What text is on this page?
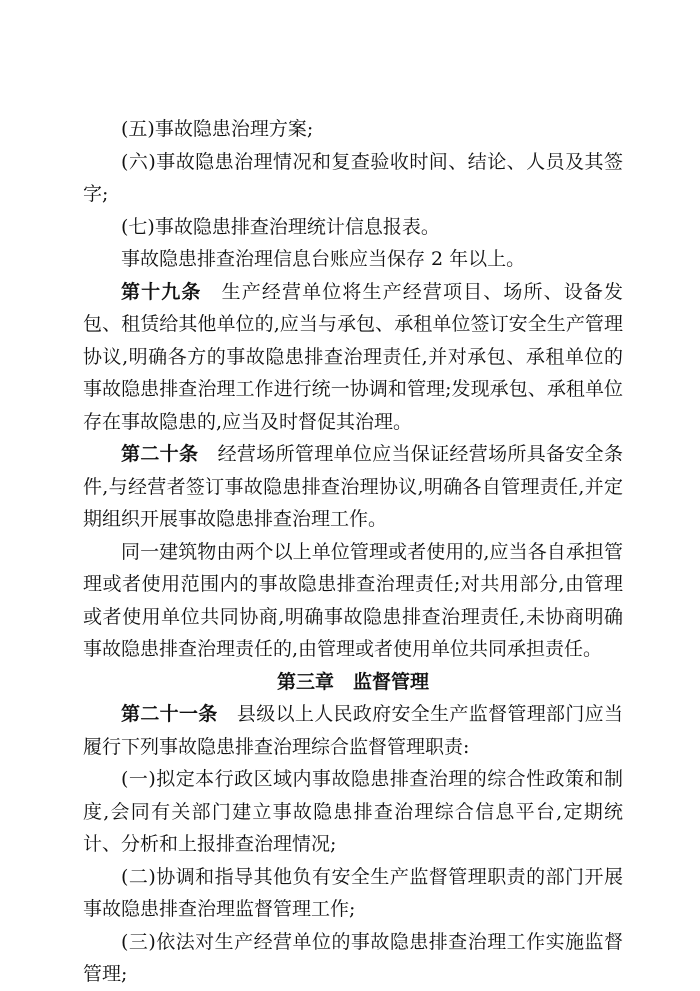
(五)事故隐患治理方案;

(六)事故隐患治理情况和复查验收时间、结论、人员及其签字;

(七)事故隐患排查治理统计信息报表。

事故隐患排查治理信息台账应当保存 2 年以上。

第十九条　生产经营单位将生产经营项目、场所、设备发包、租赁给其他单位的,应当与承包、承租单位签订安全生产管理协议,明确各方的事故隐患排查治理责任,并对承包、承租单位的事故隐患排查治理工作进行统一协调和管理;发现承包、承租单位存在事故隐患的,应当及时督促其治理。

第二十条　经营场所管理单位应当保证经营场所具备安全条件,与经营者签订事故隐患排查治理协议,明确各自管理责任,并定期组织开展事故隐患排查治理工作。

同一建筑物由两个以上单位管理或者使用的,应当各自承担管理或者使用范围内的事故隐患排查治理责任;对共用部分,由管理或者使用单位共同协商,明确事故隐患排查治理责任,未协商明确事故隐患排查治理责任的,由管理或者使用单位共同承担责任。

第三章　监督管理

第二十一条　县级以上人民政府安全生产监督管理部门应当履行下列事故隐患排查治理综合监督管理职责:

(一)拟定本行政区域内事故隐患排查治理的综合性政策和制度,会同有关部门建立事故隐患排查治理综合信息平台,定期统计、分析和上报排查治理情况;

(二)协调和指导其他负有安全生产监督管理职责的部门开展事故隐患排查治理监督管理工作;

(三)依法对生产经营单位的事故隐患排查治理工作实施监督管理;
